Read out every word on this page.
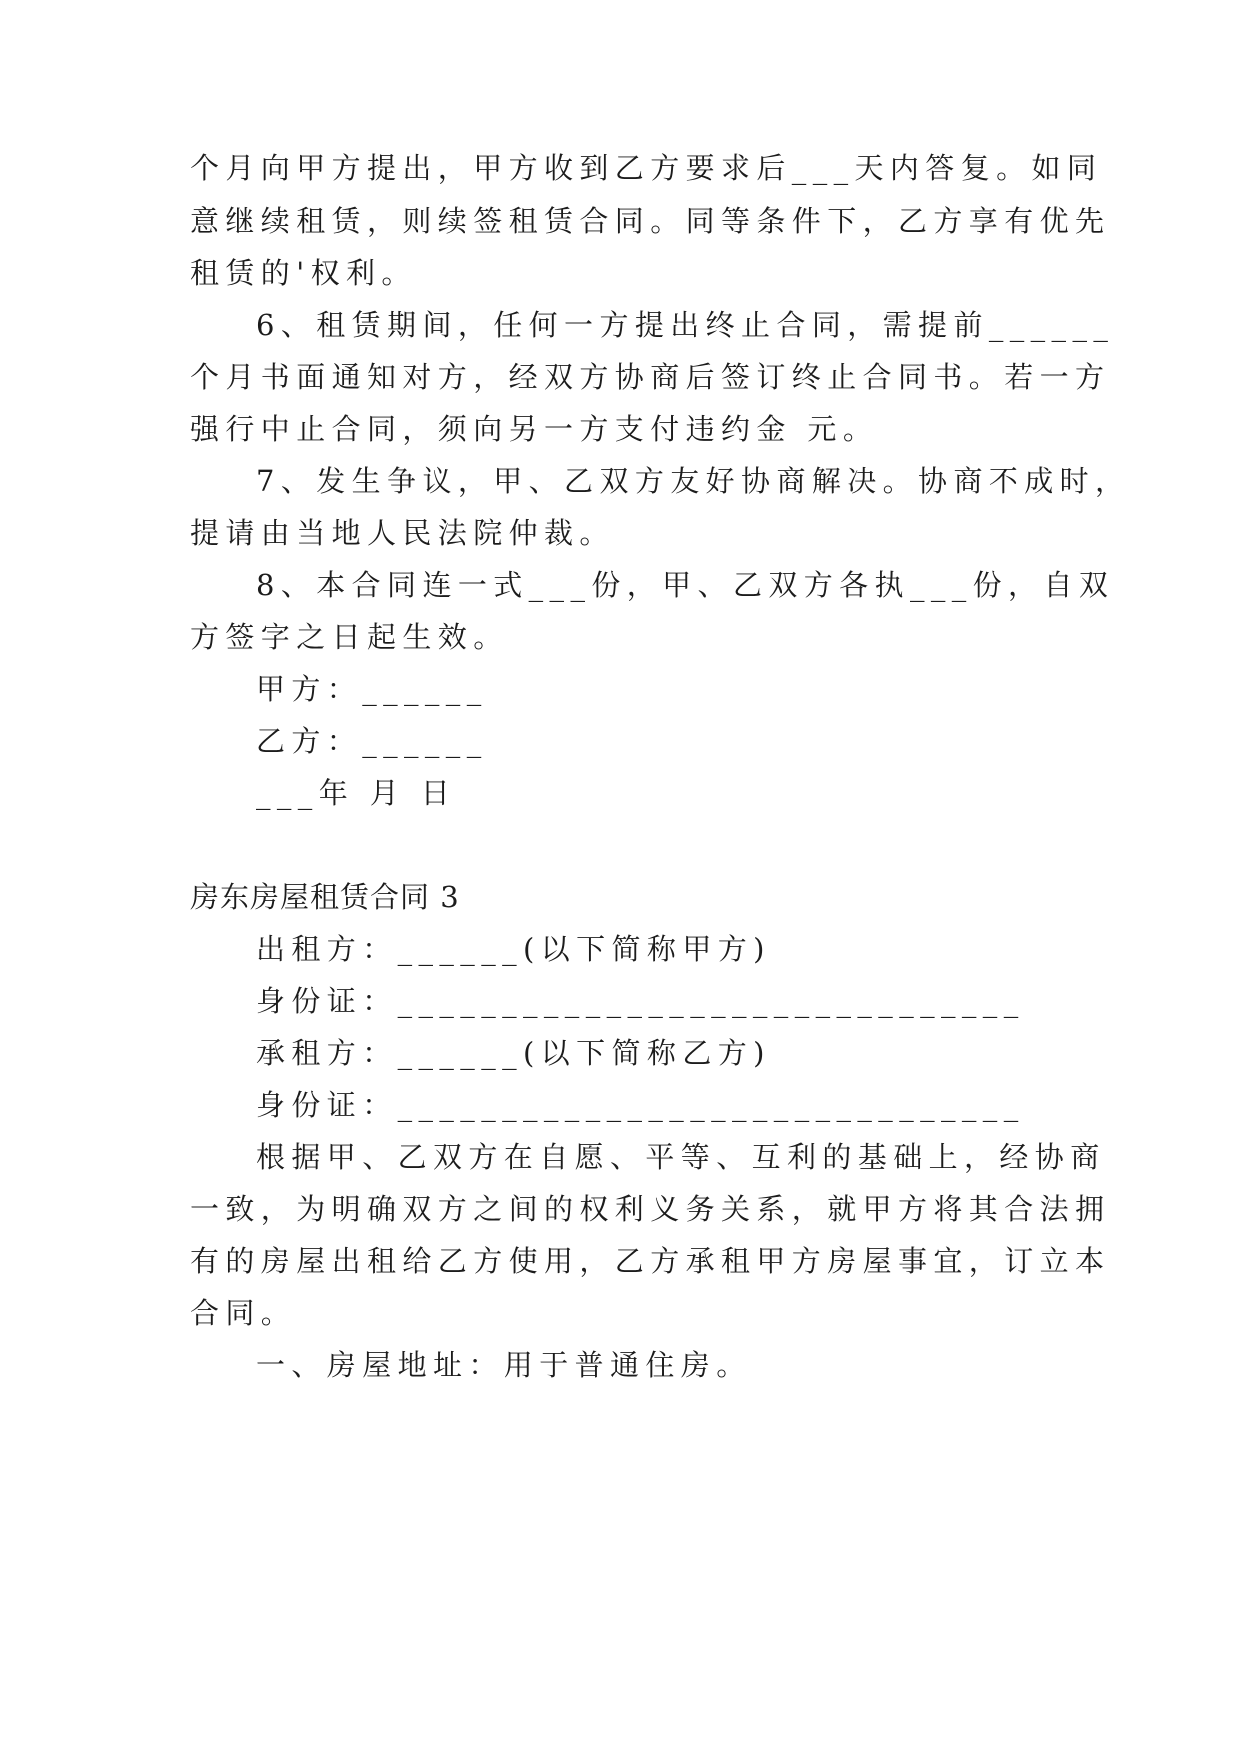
个月向甲方提出，甲方收到乙方要求后___天内答复。如同
意继续租赁，则续签租赁合同。同等条件下，乙方享有优先
租赁的'权利。
6、租赁期间，任何一方提出终止合同，需提前______
个月书面通知对方，经双方协商后签订终止合同书。若一方
强行中止合同，须向另一方支付违约金 元。
7、发生争议，甲、乙双方友好协商解决。协商不成时，
提请由当地人民法院仲裁。
8、本合同连一式___份，甲、乙双方各执___份，自双
方签字之日起生效。
甲方：______
乙方：______
___年 月 日
房东房屋租赁合同 3
出租方：______(以下简称甲方)
身份证：______________________________
承租方：______(以下简称乙方)
身份证：______________________________
根据甲、乙双方在自愿、平等、互利的基础上，经协商
一致，为明确双方之间的权利义务关系，就甲方将其合法拥
有的房屋出租给乙方使用，乙方承租甲方房屋事宜，订立本
合同。
一、房屋地址：用于普通住房。
